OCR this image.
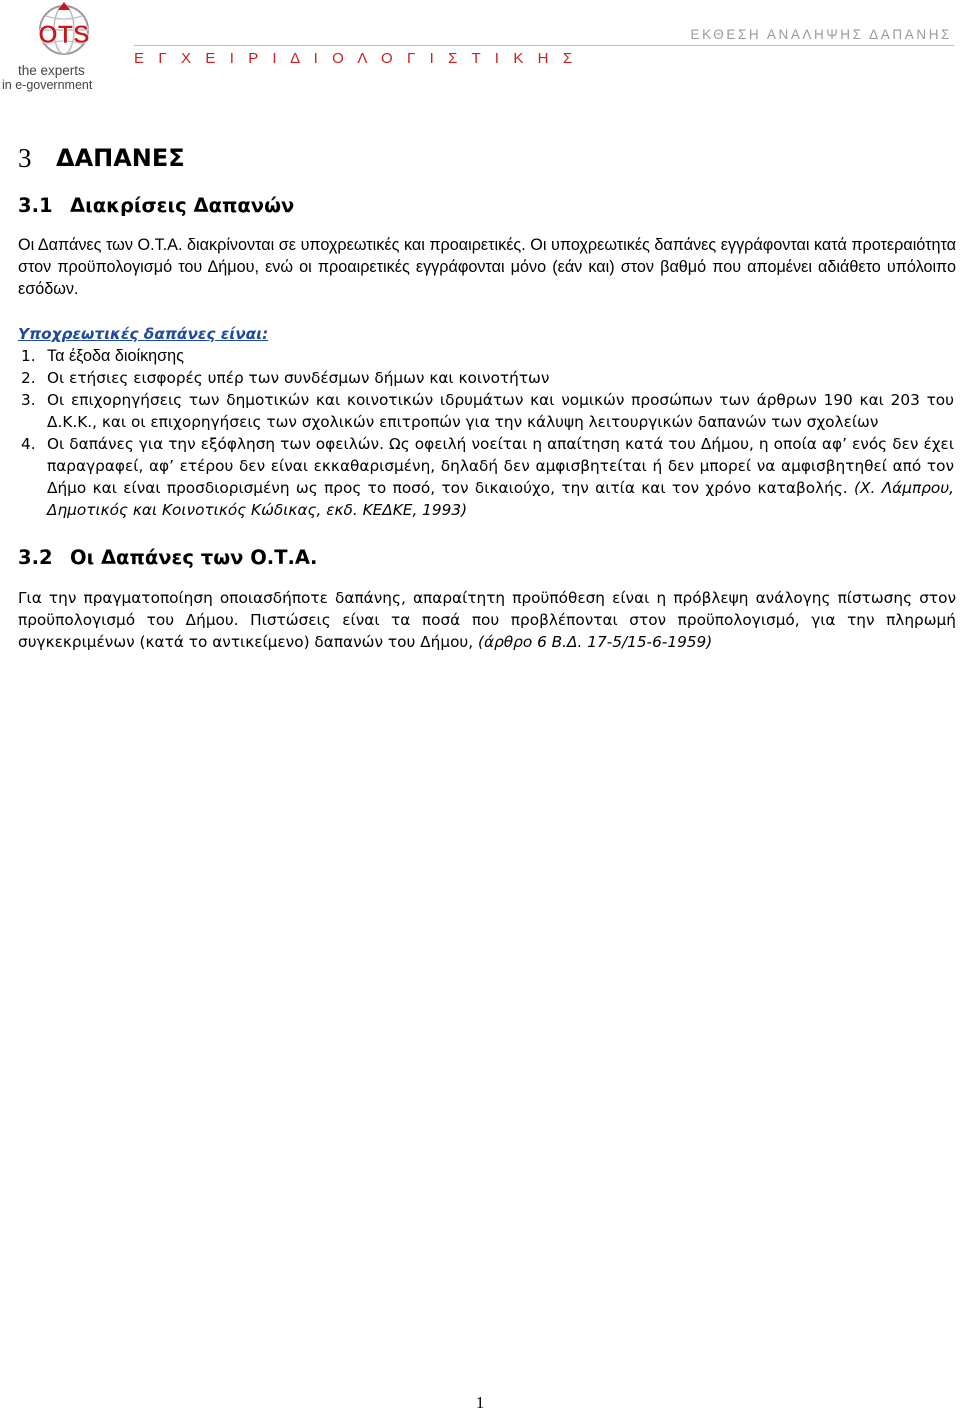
OTS
the experts
in e-government
ΕΚΘΕΣΗ ΑΝΑΛΗΨΗΣ ΔΑΠΑΝΗΣ
Ε Γ Χ Ε Ι Ρ Ι Δ Ι Ο Λ Ο Γ Ι Σ Τ Ι Κ Η Σ
3	ΔΑΠΑΝΕΣ
3.1 Διακρίσεις Δαπανών

Οι Δαπάνες των Ο.Τ.Α. διακρίνονται σε υποχρεωτικές και προαιρετικές. Οι υποχρεωτικές δαπάνες εγγράφονται κατά προτεραιότητα στον προϋπολογισμό του Δήμου, ενώ οι προαιρετικές εγγράφονται μόνο (εάν και) στον βαθμό που απομένει αδιάθετο υπόλοιπο εσόδων.

Υποχρεωτικές δαπάνες είναι:
1. Τα έξοδα διοίκησης
2. Οι ετήσιες εισφορές υπέρ των συνδέσμων δήμων και κοινοτήτων
3. Οι επιχορηγήσεις των δημοτικών και κοινοτικών ιδρυμάτων και νομικών προσώπων των άρθρων 190 και 203 του Δ.Κ.Κ., και οι επιχορηγήσεις των σχολικών επιτροπών για την κάλυψη λειτουργικών δαπανών των σχολείων
4. Οι δαπάνες για την εξόφληση των οφειλών. Ως οφειλή νοείται η απαίτηση κατά του Δήμου, η οποία αφ’ ενός δεν έχει παραγραφεί, αφ’ ετέρου δεν είναι εκκαθαρισμένη, δηλαδή δεν αμφισβητείται ή δεν μπορεί να αμφισβητηθεί από τον Δήμο και είναι προσδιορισμένη ως προς το ποσό, τον δικαιούχο, την αιτία και τον χρόνο καταβολής. (Χ. Λάμπρου, Δημοτικός και Κοινοτικός Κώδικας, εκδ. ΚΕΔΚΕ, 1993)
3.2 Οι Δαπάνες των Ο.Τ.Α.

Για την πραγματοποίηση οποιασδήποτε δαπάνης, απαραίτητη προϋπόθεση είναι η πρόβλεψη ανάλογης πίστωσης στον προϋπολογισμό του Δήμου. Πιστώσεις είναι τα ποσά που προβλέπονται στον προϋπολογισμό, για την πληρωμή συγκεκριμένων (κατά το αντικείμενο) δαπανών του Δήμου, (άρθρο 6 Β.Δ. 17-5/15-6-1959)

1
